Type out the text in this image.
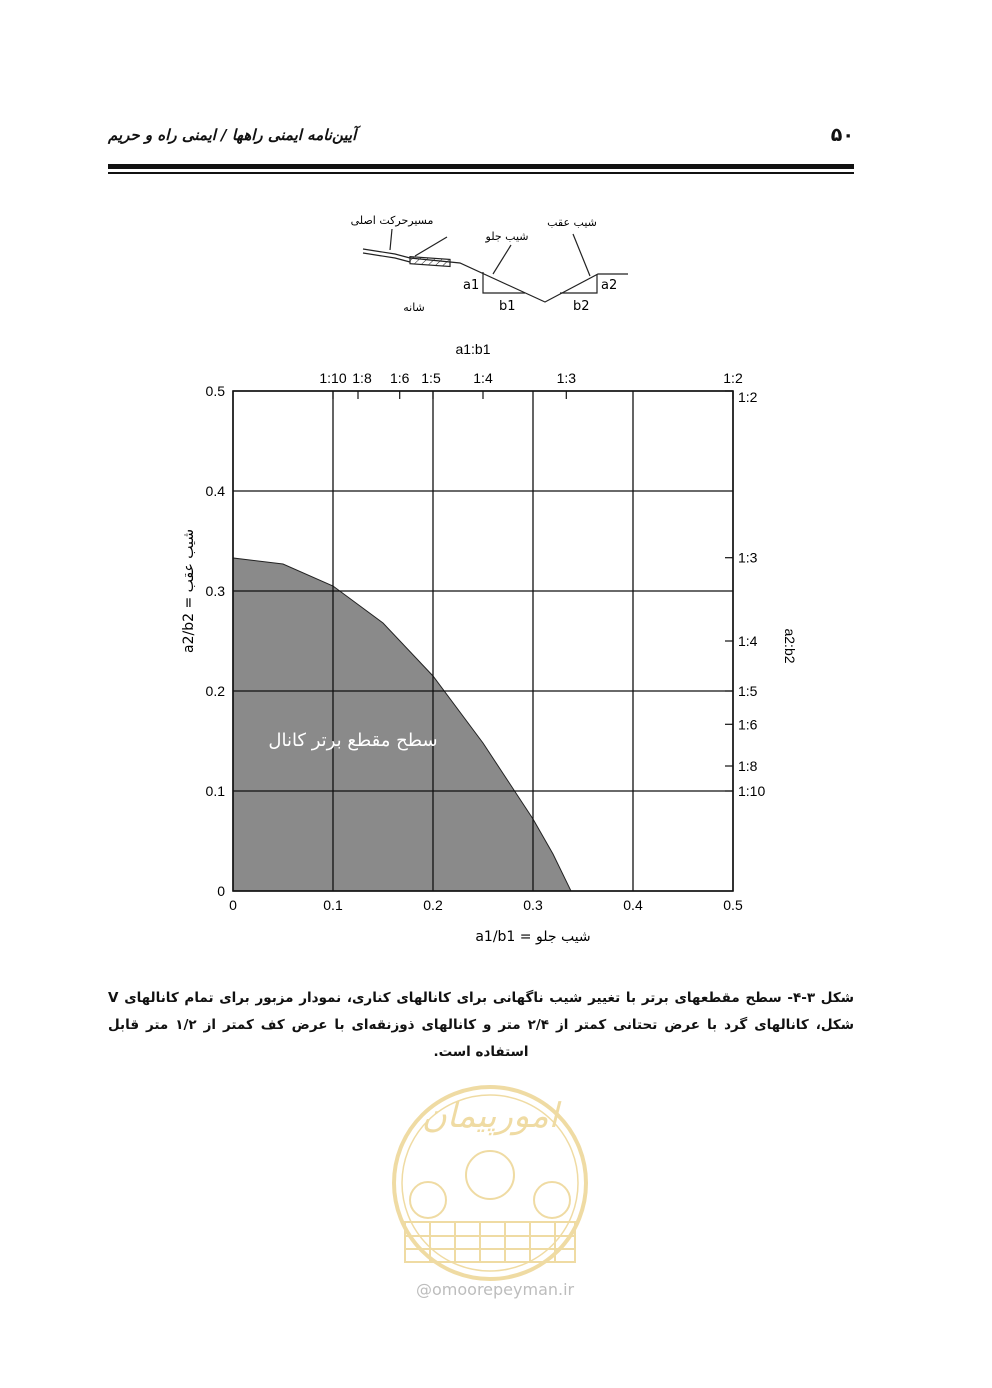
۵۰
آیین‌نامه ایمنی راهها / ایمنی راه و حریم
مسیرحرکت اصلی
شیب جلو
شیب عقب
شانه
a1
b1
a2
b2
0	0.1	0.2	0.3	0.4	0.5
0
0.1
0.2
0.3
0.4
0.5
1:10 1:8 1:6 1:5 1:4	1:3	1:2
a1:b1
1:2
1:3
1:4
1:5
1:6
1:8
1:10
a2:b2
a1/b1 = شیب جلو
a2/b2 = شیب عقب
سطح مقطع برتر کانال
امورپیمان
شکل ۳-۴- سطح مقطعهای برتر با تغییر شیب ناگهانی برای کانالهای کناری، نمودار مزبور برای تمام کانالهای V شکل، کانالهای گرد با عرض تحتانی کمتر از ۲/۴ متر و کانالهای ذوزنقه‌ای با عرض کف کمتر از ۱/۲ متر قابل استفاده است.
@omoorepeyman.ir
